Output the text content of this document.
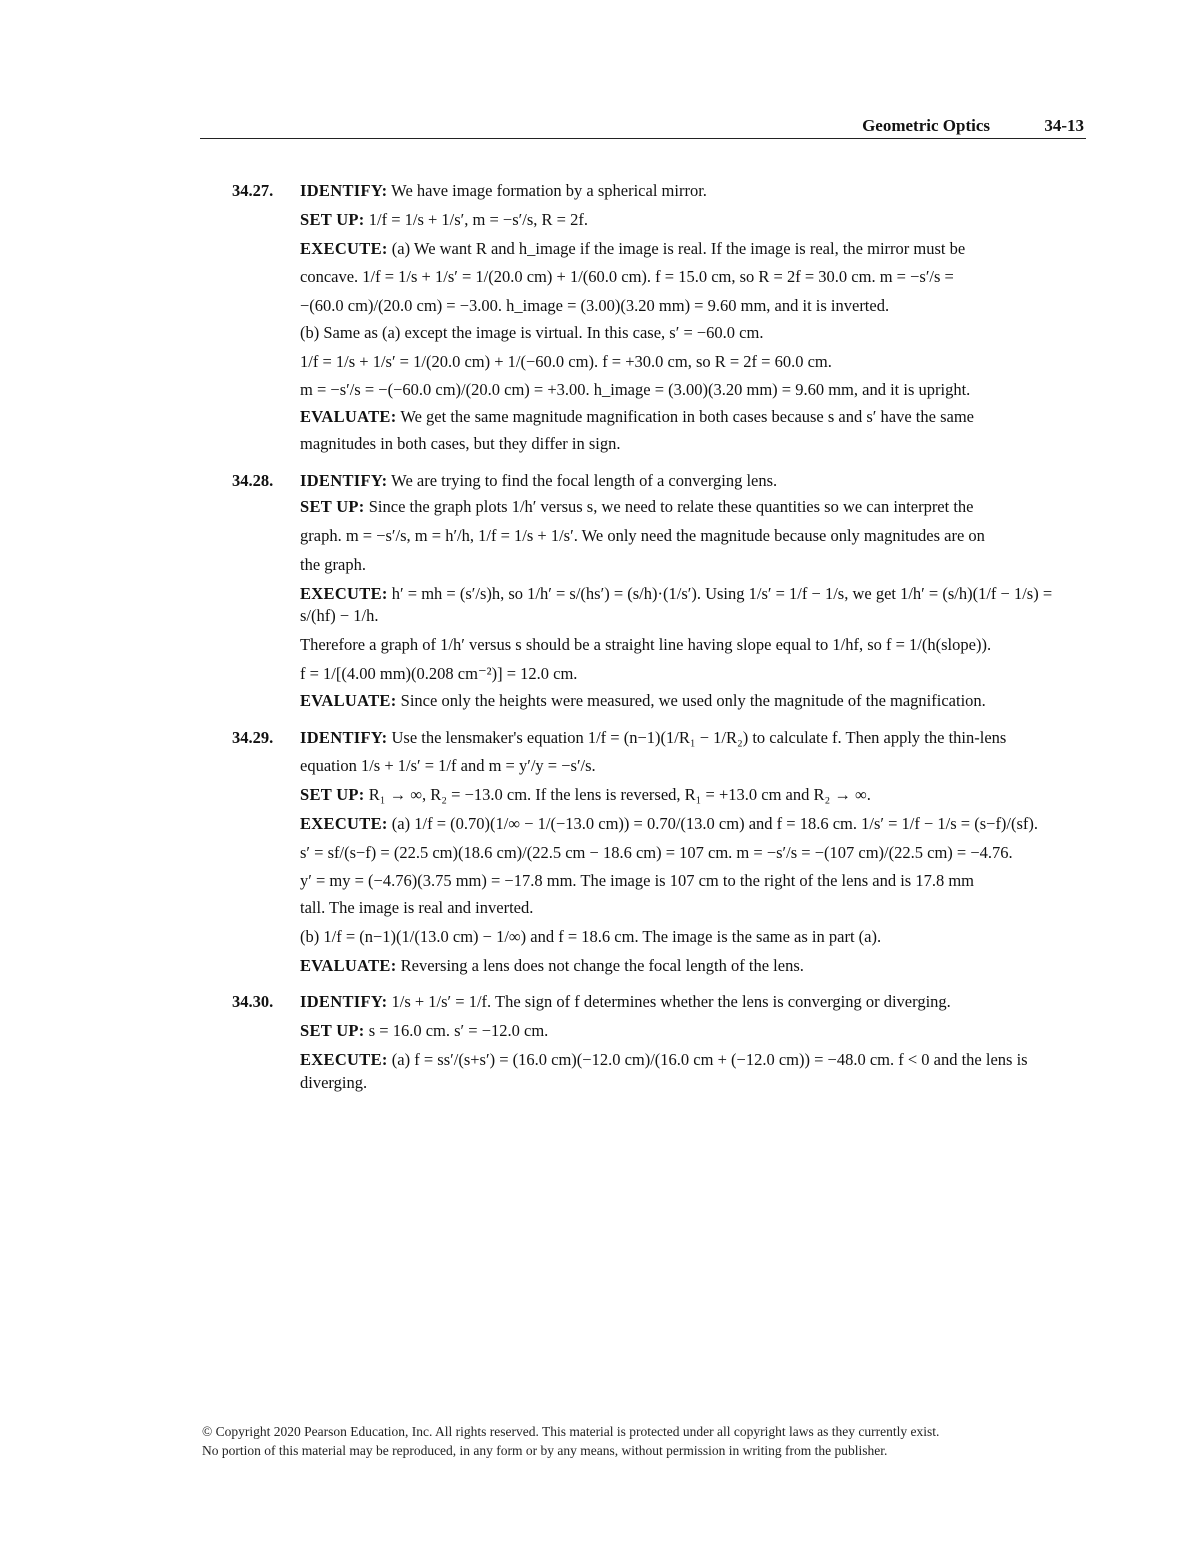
Geometric Optics	34-13
34.27. IDENTIFY: We have image formation by a spherical mirror.
SET UP: 1/f = 1/s + 1/s′, m = −s′/s, R = 2f.
EXECUTE: (a) We want R and h_image if the image is real. If the image is real, the mirror must be
concave. 1/f = 1/s + 1/s′ = 1/(20.0 cm) + 1/(60.0 cm). f = 15.0 cm, so R = 2f = 30.0 cm. m = −s′/s =
−(60.0 cm)/(20.0 cm) = −3.00. h_image = (3.00)(3.20 mm) = 9.60 mm, and it is inverted.
(b) Same as (a) except the image is virtual. In this case, s′ = −60.0 cm.
1/f = 1/s + 1/s′ = 1/(20.0 cm) + 1/(−60.0 cm). f = +30.0 cm, so R = 2f = 60.0 cm.
m = −s′/s = −(−60.0 cm)/(20.0 cm) = +3.00. h_image = (3.00)(3.20 mm) = 9.60 mm, and it is upright.
EVALUATE: We get the same magnitude magnification in both cases because s and s′ have the same
magnitudes in both cases, but they differ in sign.
34.28. IDENTIFY: We are trying to find the focal length of a converging lens.
SET UP: Since the graph plots 1/h′ versus s, we need to relate these quantities so we can interpret the
graph. m = −s′/s, m = h′/h, 1/f = 1/s + 1/s′. We only need the magnitude because only magnitudes are on
the graph.
EXECUTE: h′ = mh = (s′/s)h, so 1/h′ = s/(hs′) = (s/h)·(1/s′). Using 1/s′ = 1/f − 1/s, we get 1/h′ = (s/h)(1/f − 1/s) = s/(hf) − 1/h.
Therefore a graph of 1/h′ versus s should be a straight line having slope equal to 1/hf, so f = 1/(h(slope)).
f = 1/[(4.00 mm)(0.208 cm⁻²)] = 12.0 cm.
EVALUATE: Since only the heights were measured, we used only the magnitude of the magnification.
34.29. IDENTIFY: Use the lensmaker's equation 1/f = (n−1)(1/R₁ − 1/R₂) to calculate f. Then apply the thin-lens
equation 1/s + 1/s′ = 1/f and m = y′/y = −s′/s.
SET UP: R₁ → ∞, R₂ = −13.0 cm. If the lens is reversed, R₁ = +13.0 cm and R₂ → ∞.
EXECUTE: (a) 1/f = (0.70)(1/∞ − 1/(−13.0 cm)) = 0.70/(13.0 cm) and f = 18.6 cm. 1/s′ = 1/f − 1/s = (s−f)/(sf).
s′ = sf/(s−f) = (22.5 cm)(18.6 cm)/(22.5 cm − 18.6 cm) = 107 cm. m = −s′/s = −(107 cm)/(22.5 cm) = −4.76.
y′ = my = (−4.76)(3.75 mm) = −17.8 mm. The image is 107 cm to the right of the lens and is 17.8 mm
tall. The image is real and inverted.
(b) 1/f = (n−1)(1/(13.0 cm) − 1/∞) and f = 18.6 cm. The image is the same as in part (a).
EVALUATE: Reversing a lens does not change the focal length of the lens.
34.30. IDENTIFY: 1/s + 1/s′ = 1/f. The sign of f determines whether the lens is converging or diverging.
SET UP: s = 16.0 cm. s′ = −12.0 cm.
EXECUTE: (a) f = ss′/(s+s′) = (16.0 cm)(−12.0 cm)/(16.0 cm + (−12.0 cm)) = −48.0 cm. f < 0 and the lens is diverging.
© Copyright 2020 Pearson Education, Inc. All rights reserved. This material is protected under all copyright laws as they currently exist.
No portion of this material may be reproduced, in any form or by any means, without permission in writing from the publisher.
